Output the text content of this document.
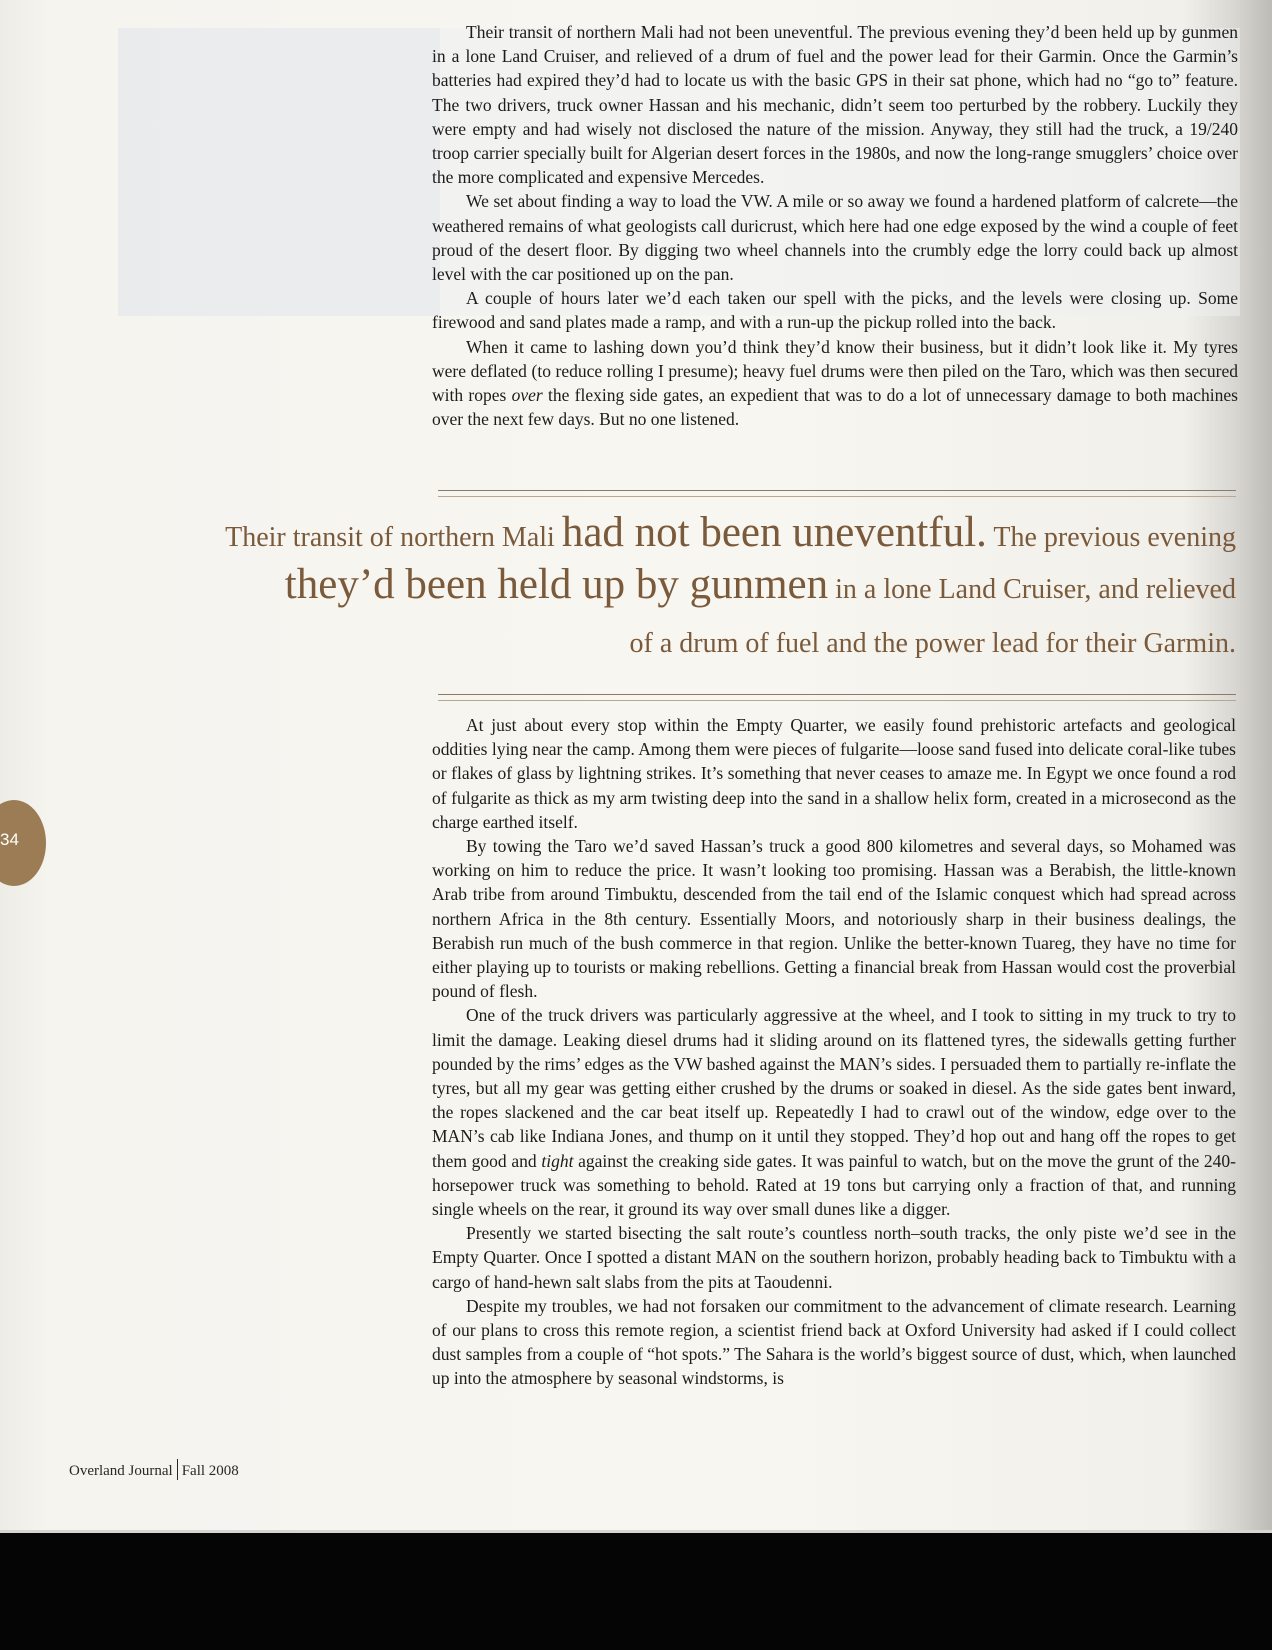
Their transit of northern Mali had not been uneventful. The previous evening they’d been held up by gunmen in a lone Land Cruiser, and relieved of a drum of fuel and the power lead for their Garmin. Once the Garmin’s batteries had expired they’d had to locate us with the basic GPS in their sat phone, which had no “go to” feature. The two drivers, truck owner Hassan and his mechanic, didn’t seem too perturbed by the robbery. Luckily they were empty and had wisely not disclosed the nature of the mission. Anyway, they still had the truck, a 19/240 troop carrier specially built for Algerian desert forces in the 1980s, and now the long-range smugglers’ choice over the more complicated and expensive Mercedes.

We set about finding a way to load the VW. A mile or so away we found a hardened platform of calcrete—the weathered remains of what geologists call duricrust, which here had one edge exposed by the wind a couple of feet proud of the desert floor. By digging two wheel channels into the crumbly edge the lorry could back up almost level with the car positioned up on the pan.

A couple of hours later we’d each taken our spell with the picks, and the levels were closing up. Some firewood and sand plates made a ramp, and with a run-up the pickup rolled into the back.

When it came to lashing down you’d think they’d know their business, but it didn’t look like it. My tyres were deflated (to reduce rolling I presume); heavy fuel drums were then piled on the Taro, which was then secured with ropes over the flexing side gates, an expedient that was to do a lot of unnecessary damage to both machines over the next few days. But no one listened.

Their transit of northern Mali had not been uneventful. The previous evening
they’d been held up by gunmen in a lone Land Cruiser, and relieved
of a drum of fuel and the power lead for their Garmin.

At just about every stop within the Empty Quarter, we easily found prehistoric artefacts and geological oddities lying near the camp. Among them were pieces of fulgarite—loose sand fused into delicate coral-like tubes or flakes of glass by lightning strikes. It’s something that never ceases to amaze me. In Egypt we once found a rod of fulgarite as thick as my arm twisting deep into the sand in a shallow helix form, created in a microsecond as the charge earthed itself.

By towing the Taro we’d saved Hassan’s truck a good 800 kilometres and several days, so Mohamed was working on him to reduce the price. It wasn’t looking too promising. Hassan was a Berabish, the little-known Arab tribe from around Timbuktu, descended from the tail end of the Islamic conquest which had spread across northern Africa in the 8th century. Essentially Moors, and notoriously sharp in their business dealings, the Berabish run much of the bush commerce in that region. Unlike the better-known Tuareg, they have no time for either playing up to tourists or making rebellions. Getting a financial break from Hassan would cost the proverbial pound of flesh.

One of the truck drivers was particularly aggressive at the wheel, and I took to sitting in my truck to try to limit the damage. Leaking diesel drums had it sliding around on its flattened tyres, the sidewalls getting further pounded by the rims’ edges as the VW bashed against the MAN’s sides. I persuaded them to partially re-inflate the tyres, but all my gear was getting either crushed by the drums or soaked in diesel. As the side gates bent inward, the ropes slackened and the car beat itself up. Repeatedly I had to crawl out of the window, edge over to the MAN’s cab like Indiana Jones, and thump on it until they stopped. They’d hop out and hang off the ropes to get them good and tight against the creaking side gates. It was painful to watch, but on the move the grunt of the 240-horsepower truck was something to behold. Rated at 19 tons but carrying only a fraction of that, and running single wheels on the rear, it ground its way over small dunes like a digger.

Presently we started bisecting the salt route’s countless north–south tracks, the only piste we’d see in the Empty Quarter. Once I spotted a distant MAN on the southern horizon, probably heading back to Timbuktu with a cargo of hand-hewn salt slabs from the pits at Taoudenni.

Despite my troubles, we had not forsaken our commitment to the advancement of climate research. Learning of our plans to cross this remote region, a scientist friend back at Oxford University had asked if I could collect dust samples from a couple of “hot spots.” The Sahara is the world’s biggest source of dust, which, when launched up into the atmosphere by seasonal windstorms, is

34
Overland Journal Fall 2008
